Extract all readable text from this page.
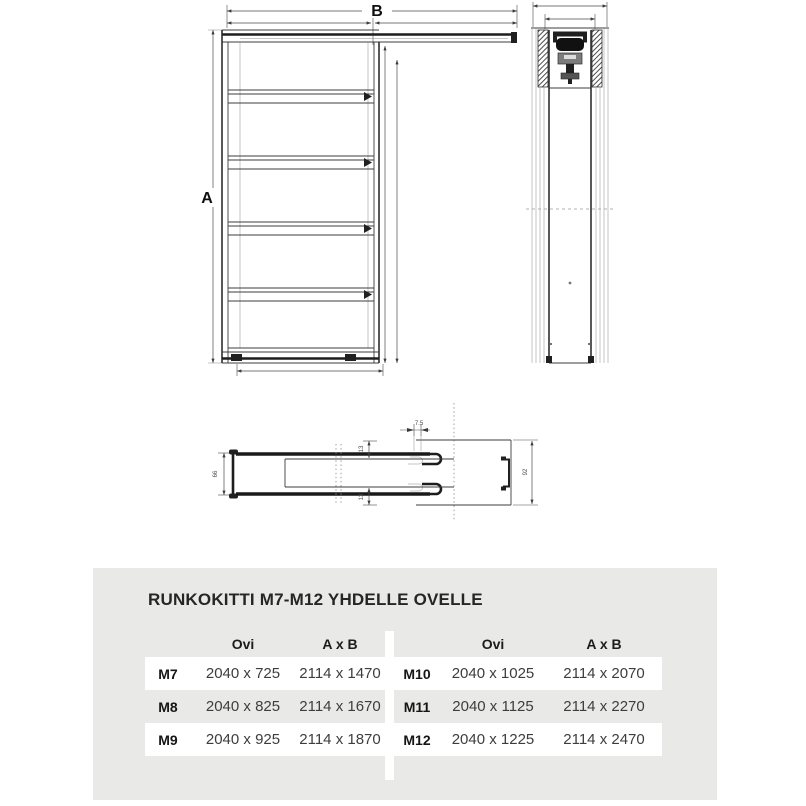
B
A
66	92
7.5
13
13
RUNKOKITTI M7-M12 YHDELLE OVELLE
Ovi	A x B
M7	2040 x 725	2114 x 1470
M8	2040 x 825	2114 x 1670
M9	2040 x 925	2114 x 1870
Ovi	A x B
M10	2040 x 1025	2114 x 2070
M11	2040 x 1125	2114 x 2270
M12	2040 x 1225	2114 x 2470
